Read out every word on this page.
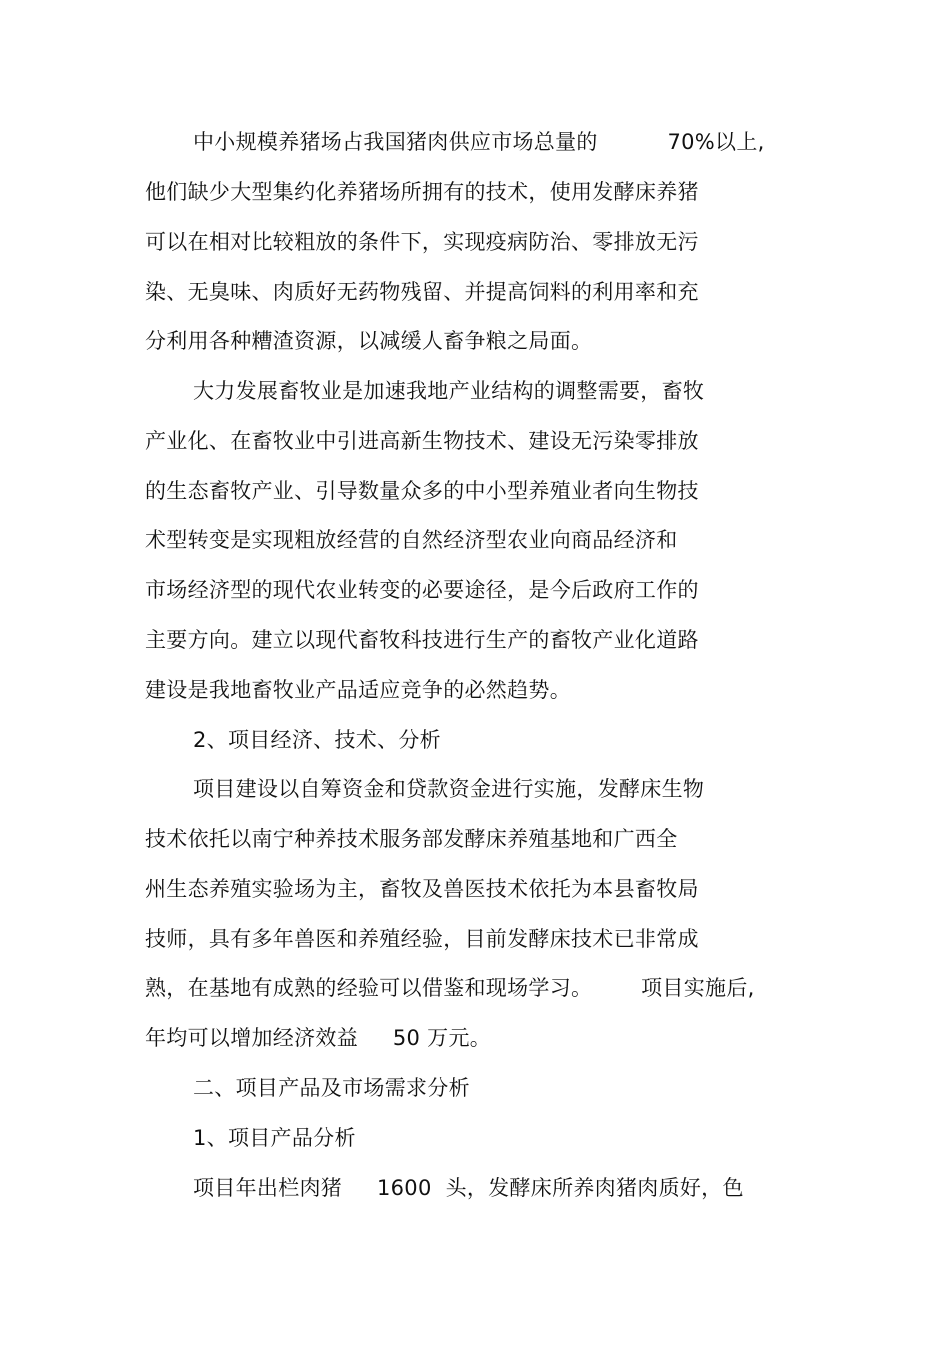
中小规模养猪场占我国猪肉供应市场总量的          70%以上,
他们缺少大型集约化养猪场所拥有的技术，使用发酵床养猪
可以在相对比较粗放的条件下，实现疫病防治、零排放无污
染、无臭味、肉质好无药物残留、并提高饲料的利用率和充
分利用各种糟渣资源，以减缓人畜争粮之局面。
大力发展畜牧业是加速我地产业结构的调整需要，畜牧
产业化、在畜牧业中引进高新生物技术、建设无污染零排放
的生态畜牧产业、引导数量众多的中小型养殖业者向生物技
术型转变是实现粗放经营的自然经济型农业向商品经济和
市场经济型的现代农业转变的必要途径，是今后政府工作的
主要方向。建立以现代畜牧科技进行生产的畜牧产业化道路
建设是我地畜牧业产品适应竞争的必然趋势。
2、项目经济、技术、分析
项目建设以自筹资金和贷款资金进行实施，发酵床生物
技术依托以南宁种养技术服务部发酵床养殖基地和广西全
州生态养殖实验场为主，畜牧及兽医技术依托为本县畜牧局
技师，具有多年兽医和养殖经验，目前发酵床技术已非常成
熟，在基地有成熟的经验可以借鉴和现场学习。       项目实施后,
年均可以增加经济效益     50 万元。
二、项目产品及市场需求分析
1、项目产品分析
项目年出栏肉猪     1600  头，发酵床所养肉猪肉质好，色
